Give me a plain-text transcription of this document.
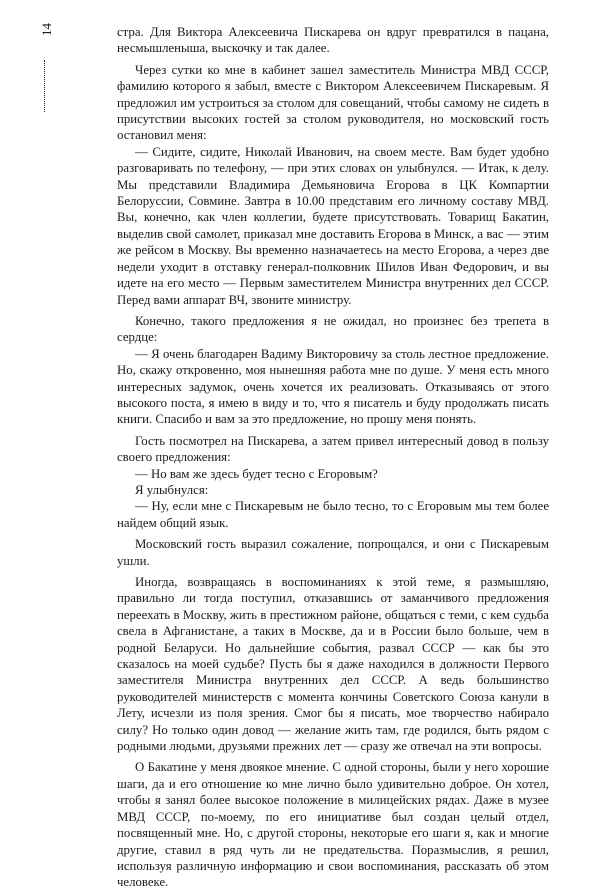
14	стра. Для Виктора Алексеевича Пискарева он вдруг превратился в пацана, несмышленыша, выскочку и так далее.

Через сутки ко мне в кабинет зашел заместитель Министра МВД СССР, фамилию которого я забыл, вместе с Виктором Алексеевичем Пискаревым. Я предложил им устроиться за столом для совещаний, чтобы самому не сидеть в присутствии высоких гостей за столом руководителя, но московский гость остановил меня:

— Сидите, сидите, Николай Иванович, на своем месте. Вам будет удобно разговаривать по телефону, — при этих словах он улыбнулся. — Итак, к делу. Мы представили Владимира Демьяновича Егорова в ЦК Компартии Белоруссии, Совмине. Завтра в 10.00 представим его личному составу МВД. Вы, конечно, как член коллегии, будете присутствовать. Товарищ Бакатин, выделив свой самолет, приказал мне доставить Егорова в Минск, а вас — этим же рейсом в Москву. Вы временно назначаетесь на место Егорова, а через две недели уходит в отставку генерал-полковник Шилов Иван Федорович, и вы идете на его место — Первым заместителем Министра внутренних дел СССР. Перед вами аппарат ВЧ, звоните министру.

Конечно, такого предложения я не ожидал, но произнес без трепета в сердце:

— Я очень благодарен Вадиму Викторовичу за столь лестное предложение. Но, скажу откровенно, моя нынешняя работа мне по душе. У меня есть много интересных задумок, очень хочется их реализовать. Отказываясь от этого высокого поста, я имею в виду и то, что я писатель и буду продолжать писать книги. Спасибо и вам за это предложение, но прошу меня понять.

Гость посмотрел на Пискарева, а затем привел интересный довод в пользу своего предложения:

— Но вам же здесь будет тесно с Егоровым?

Я улыбнулся:

— Ну, если мне с Пискаревым не было тесно, то с Егоровым мы тем более найдем общий язык.

Московский гость выразил сожаление, попрощался, и они с Пискаревым ушли.

Иногда, возвращаясь в воспоминаниях к этой теме, я размышляю, правильно ли тогда поступил, отказавшись от заманчивого предложения переехать в Москву, жить в престижном районе, общаться с теми, с кем судьба свела в Афганистане, а таких в Москве, да и в России было больше, чем в родной Беларуси. Но дальнейшие события, развал СССР — как бы это сказалось на моей судьбе? Пусть бы я даже находился в должности Первого заместителя Министра внутренних дел СССР. А ведь большинство руководителей министерств с момента кончины Советского Союза канули в Лету, исчезли из поля зрения. Смог бы я писать, мое творчество набирало силу? Но только один довод — желание жить там, где родился, быть рядом с родными людьми, друзьями прежних лет — сразу же отвечал на эти вопросы.

О Бакатине у меня двоякое мнение. С одной стороны, были у него хорошие шаги, да и его отношение ко мне лично было удивительно доброе. Он хотел, чтобы я занял более высокое положение в милицейских рядах. Даже в музее МВД СССР, по-моему, по его инициативе был создан целый отдел, посвященный мне. Но, с другой стороны, некоторые его шаги я, как и многие другие, ставил в ряд чуть ли не предательства. Поразмыслив, я решил, используя различную информацию и свои воспоминания, рассказать об этом человеке.
